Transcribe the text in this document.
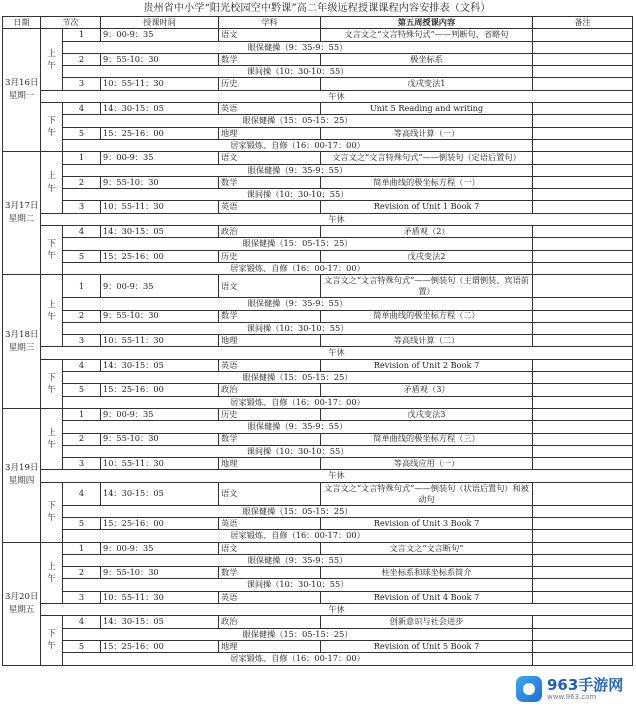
贵州省中小学“阳光校园空中黔课”高二年级远程授课课程内容安排表（文科）
日期	节次		授课时间	学科	第五周授课内容	备注
3月16日
星期一	上午	1	9：00-9：35	语文	文言文之“文言特殊句式”——判断句、省略句	
		眼保健操（9：35-9：55）				
		2	9：55-10：30	数学	极坐标系	
		课间操（10：30-10：55）				
		3	10：55-11：30	历史	戊戌变法1	
	午休					
	下午	4	14：30-15：05	英语	Unit 5 Reading and writing	
		眼保健操（15：05-15：25）				
		5	15：25-16：00	地理	等高线计算（一）	
		居家锻炼、自修（16：00-17：00）				
3月17日
星期二	上午	1	9：00-9：35	语文	文言文之“文言特殊句式”——倒装句（定语后置句）	
		眼保健操（9：35-9：55）				
		2	9：55-10：30	数学	简单曲线的极坐标方程（一）	
		课间操（10：30-10：55）				
		3	10：55-11：30	英语	Revision of Unit 1 Book 7	
	午休					
	下午	4	14：30-15：05	政治	矛盾观（2）	
		眼保健操（15：05-15：25）				
		5	15：25-16：00	历史	戊戌变法2	
		居家锻炼、自修（16：00-17：00）				
3月18日
星期三	上午	1	9：00-9：35	语文	文言文之“文言特殊句式”——倒装句（主谓倒装、宾语前置）	
		眼保健操（9：35-9：55）				
		2	9：55-10：30	数学	简单曲线的极坐标方程（二）	
		课间操（10：30-10：55）				
		3	10：55-11：30	地理	等高线计算（二）	
	午休					
	下午	4	14：30-15：05	英语	Revision of Unit 2 Book 7	
		眼保健操（15：05-15：25）				
		5	15：25-16：00	政治	矛盾观（3）	
		居家锻炼、自修（16：00-17：00）				
3月19日
星期四	上午	1	9：00-9：35	历史	戊戌变法3	
		眼保健操（9：35-9：55）				
		2	9：55-10：30	数学	简单曲线的极坐标方程（三）	
		课间操（10：30-10：55）				
		3	10：55-11：30	地理	等高线应用（一）	
	午休					
	下午	4	14：30-15：05	语文	文言文之“文言特殊句式”——倒装句（状语后置句）和被动句	
		眼保健操（15：05-15：25）				
		5	15：25-16：00	英语	Revision of Unit 3 Book 7	
		居家锻炼、自修（16：00-17：00）				
3月20日
星期五	上午	1	9：00-9：35	语文	文言文之“文言断句”	
		眼保健操（9：35-9：55）				
		2	9：55-10：30	数学	柱坐标系和球坐标系简介	
		课间操（10：30-10：55）				
		3	10：55-11：30	英语	Revision of Unit 4 Book 7	
	午休					
	下午	4	14：30-15：05	政治	创新意识与社会进步	
		眼保健操（15：05-15：25）				
		5	15：25-16：00	地理	Revision of Unit 5 Book 7	
		居家锻炼、自修（16：00-17：00）				
963手游网
www.963.com
